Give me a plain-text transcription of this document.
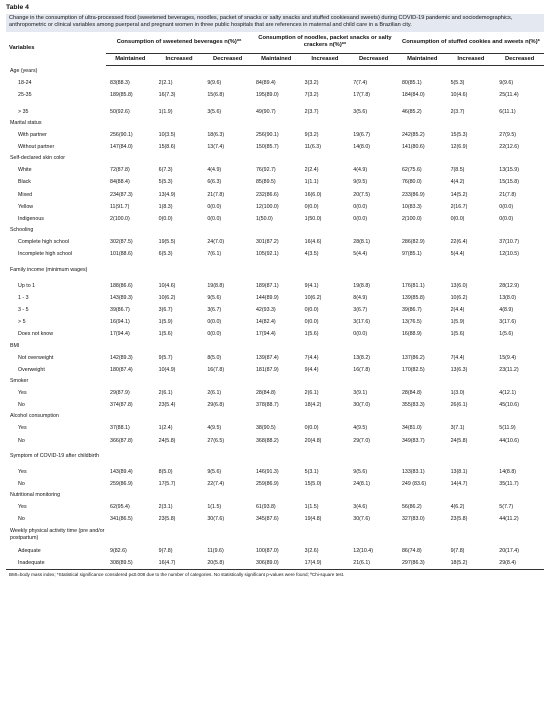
Table 4
Change in the consumption of ultra-processed food (sweetened beverages, noodles, packet of snacks or salty snacks and stuffed cookiesand sweets) during COVID-19 pandemic and sociodemographics, anthropometric or clinical variables among puerperal and pregnant women in three public hospitals that are references in maternal and child care in a Brazilian city.
Variables	Consumption of sweetened beverages n(%)*ª			Consumption of noodles, packet snacks or salty crackers n(%)*ª			Consumption of stuffed cookies and sweets n(%)*		
	Maintained	Increased	Decreased	Maintained	Increased	Decreased	Maintained	Increased	Decreased
Age (years)									
18-24	83(88.3)	2(2.1)	9(9.6)	84(89.4)	3(3.2)	7(7.4)	80(85.1)	5(5.3)	9(9.6)
25-35	189(85.8)	16(7.3)	15(6.8)	195(89.0)	7(3.2)	17(7.8)	184(84.0)	10(4.6)	25(11.4)

> 35	50(92.6)	1(1.9)	3(5.6)	49(90.7)	2(3.7)	3(5.6)	46(85.2)	2(3.7)	6(11.1)
Marital status									
With partner	256(90.1)	10(3.5)	18(6.3)	256(90.1)	9(3.2)	19(6.7)	242(85.2)	15(5.3)	27(9.5)
Without partner	147(84.0)	15(8.6)	13(7.4)	150(85.7)	11(6.3)	14(8.0)	141(80.6)	12(6.9)	22(12.6)
Self-declared skin color									
White	72(87.8)	6(7.3)	4(4.9)	76(92.7)	2(2.4)	4(4.9)	62(75.6)	7(8.5)	13(15.9)
Black	84(88.4)	5(5.3)	6(6.3)	85(89.5)	1(1.1)	9(9.5)	76(80.0)	4(4.2)	15(15.8)
Mixed	234(87.3)	13(4.9)	21(7.8)	232(86.6)	16(6.0)	20(7.5)	233(86.9)	14(5.2)	21(7.8)
Yellow	11(91.7)	1(8.3)	0(0.0)	12(100.0)	0(0.0)	0(0.0)	10(83.3)	2(16.7)	0(0.0)
Indigenous	2(100.0)	0(0.0)	0(0.0)	1(50.0)	1(50.0)	0(0.0)	2(100.0)	0(0.0)	0(0.0)
Schooling									
Complete high school	302(87.5)	19(5.5)	24(7.0)	301(87.2)	16(4.6)	28(8.1)	286(82.9)	22(6.4)	37(10.7)
Incomplete high school	101(88.6)	6(5.3)	7(6.1)	105(92.1)	4(3.5)	5(4.4)	97(85.1)	5(4.4)	12(10.5)

Family income (minimum wages)									

Up to 1	188(86.6)	10(4.6)	19(8.8)	189(87.1)	9(4.1)	19(8.8)	176(81.1)	13(6.0)	28(12.9)
1 - 3	143(89.3)	10(6.2)	9(5.6)	144(89.9)	10(6.2)	8(4.9)	139(85.8)	10(6.2)	13(8.0)
3 - 5	39(86.7)	3(6.7)	3(6.7)	42(93.3)	0(0.0)	3(6.7)	39(86.7)	2(4.4)	4(8.9)
> 5	16(94.1)	1(5.9)	0(0.0)	14(82.4)	0(0.0)	3(17.6)	13(76.5)	1(5.9)	3(17.6)
Does not know	17(94.4)	1(5.6)	0(0.0)	17(94.4)	1(5.6)	0(0.0)	16(88.9)	1(5.6)	1(5.6)
BMI									
Not overweight	142(89.3)	9(5.7)	8(5.0)	139(87.4)	7(4.4)	13(8.2)	137(86.2)	7(4.4)	15(9.4)
Overweight	180(87.4)	10(4.9)	16(7.8)	181(87.9)	9(4.4)	16(7.8)	170(82.5)	13(6.3)	23(11.2)
Smoker									
Yes	29(87.9)	2(6.1)	2(6.1)	28(84.8)	2(6.1)	3(9.1)	28(84.8)	1(3.0)	4(12.1)
No	374(87.8)	23(5.4)	29(6.8)	378(88.7)	18(4.2)	30(7.0)	355(83.3)	26(6.1)	45(10.6)
Alcohol consumption									
Yes	37(88.1)	1(2.4)	4(9.5)	38(90.5)	0(0.0)	4(9.5)	34(81.0)	3(7.1)	5(11.9)
No	366(87.8)	24(5.8)	27(6.5)	368(88.2)	20(4.8)	29(7.0)	349(83.7)	24(5.8)	44(10.6)

Symptom of COVID-19 after childbirth									

Yes	143(89.4)	8(5.0)	9(5.6)	146(91.3)	5(3.1)	9(5.6)	133(83.1)	13(8.1)	14(8.8)
No	259(86.9)	17(5.7)	22(7.4)	259(86.9)	15(5.0)	24(8.1)	249 (83.6)	14(4.7)	35(11.7)
Nutritional monitoring									
Yes	62(95.4)	2(3.1)	1(1.5)	61(93.8)	1(1.5)	3(4.6)	56(86.2)	4(6.2)	5(7.7)
No	341(86.5)	23(5.8)	30(7.6)	345(87.6)	19(4.8)	30(7.6)	327(83.0)	23(5.8)	44(11.2)

Weekly physical activity time (pre and/or postpartum)									

Adequate	9(82.6)	9(7.8)	11(9.6)	100(87.0)	3(2.6)	12(10.4)	86(74.8)	9(7.8)	20(17.4)
Inadequate	308(89.5)	16(4.7)	20(5.8)	306(89.0)	17(4.9)	21(6.1)	297(86.3)	18(5.2)	29(8.4)
BMI=body mass index; *Statistical significance considered p≤0.008 due to the number of categories. No statistically significant p-values were found; ªChi-square test.									
